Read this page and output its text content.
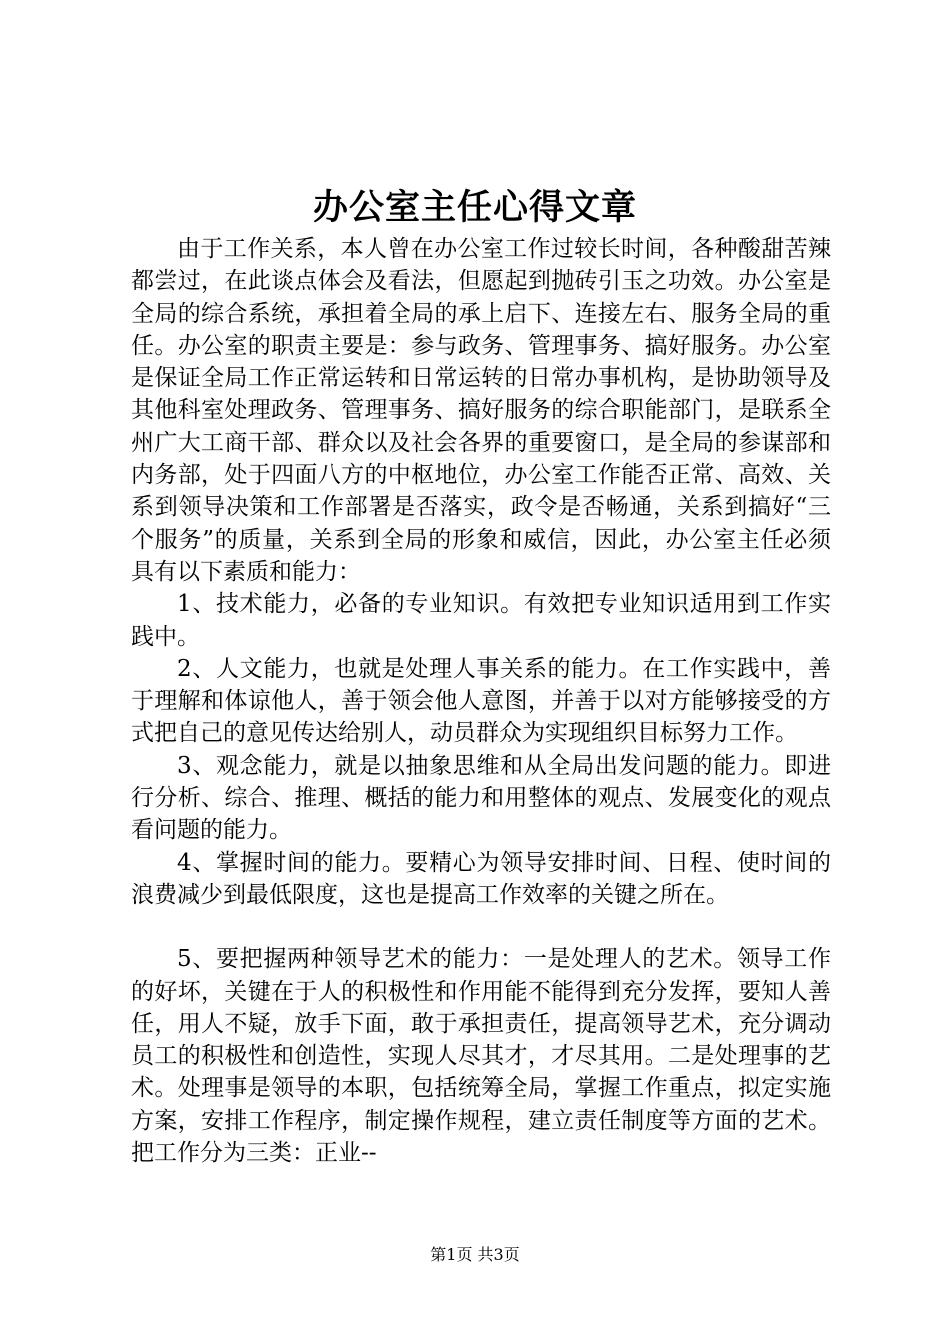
办公室主任心得文章

由于工作关系，本人曾在办公室工作过较长时间，各种酸甜苦辣都尝过，在此谈点体会及看法，但愿起到抛砖引玉之功效。办公室是全局的综合系统，承担着全局的承上启下、连接左右、服务全局的重任。办公室的职责主要是：参与政务、管理事务、搞好服务。办公室是保证全局工作正常运转和日常运转的日常办事机构，是协助领导及其他科室处理政务、管理事务、搞好服务的综合职能部门，是联系全州广大工商干部、群众以及社会各界的重要窗口，是全局的参谋部和内务部，处于四面八方的中枢地位，办公室工作能否正常、高效、关系到领导决策和工作部署是否落实，政令是否畅通，关系到搞好“三个服务”的质量，关系到全局的形象和威信，因此，办公室主任必须具有以下素质和能力：

1、技术能力，必备的专业知识。有效把专业知识适用到工作实践中。

2、人文能力，也就是处理人事关系的能力。在工作实践中，善于理解和体谅他人，善于领会他人意图，并善于以对方能够接受的方式把自己的意见传达给别人，动员群众为实现组织目标努力工作。

3、观念能力，就是以抽象思维和从全局出发问题的能力。即进行分析、综合、推理、概括的能力和用整体的观点、发展变化的观点看问题的能力。

4、掌握时间的能力。要精心为领导安排时间、日程、使时间的浪费减少到最低限度，这也是提高工作效率的关键之所在。

5、要把握两种领导艺术的能力：一是处理人的艺术。领导工作的好坏，关键在于人的积极性和作用能不能得到充分发挥，要知人善任，用人不疑，放手下面，敢于承担责任，提高领导艺术，充分调动员工的积极性和创造性，实现人尽其才，才尽其用。二是处理事的艺术。处理事是领导的本职，包括统筹全局，掌握工作重点，拟定实施方案，安排工作程序，制定操作规程，建立责任制度等方面的艺术。把工作分为三类：正业--

第1页 共3页
